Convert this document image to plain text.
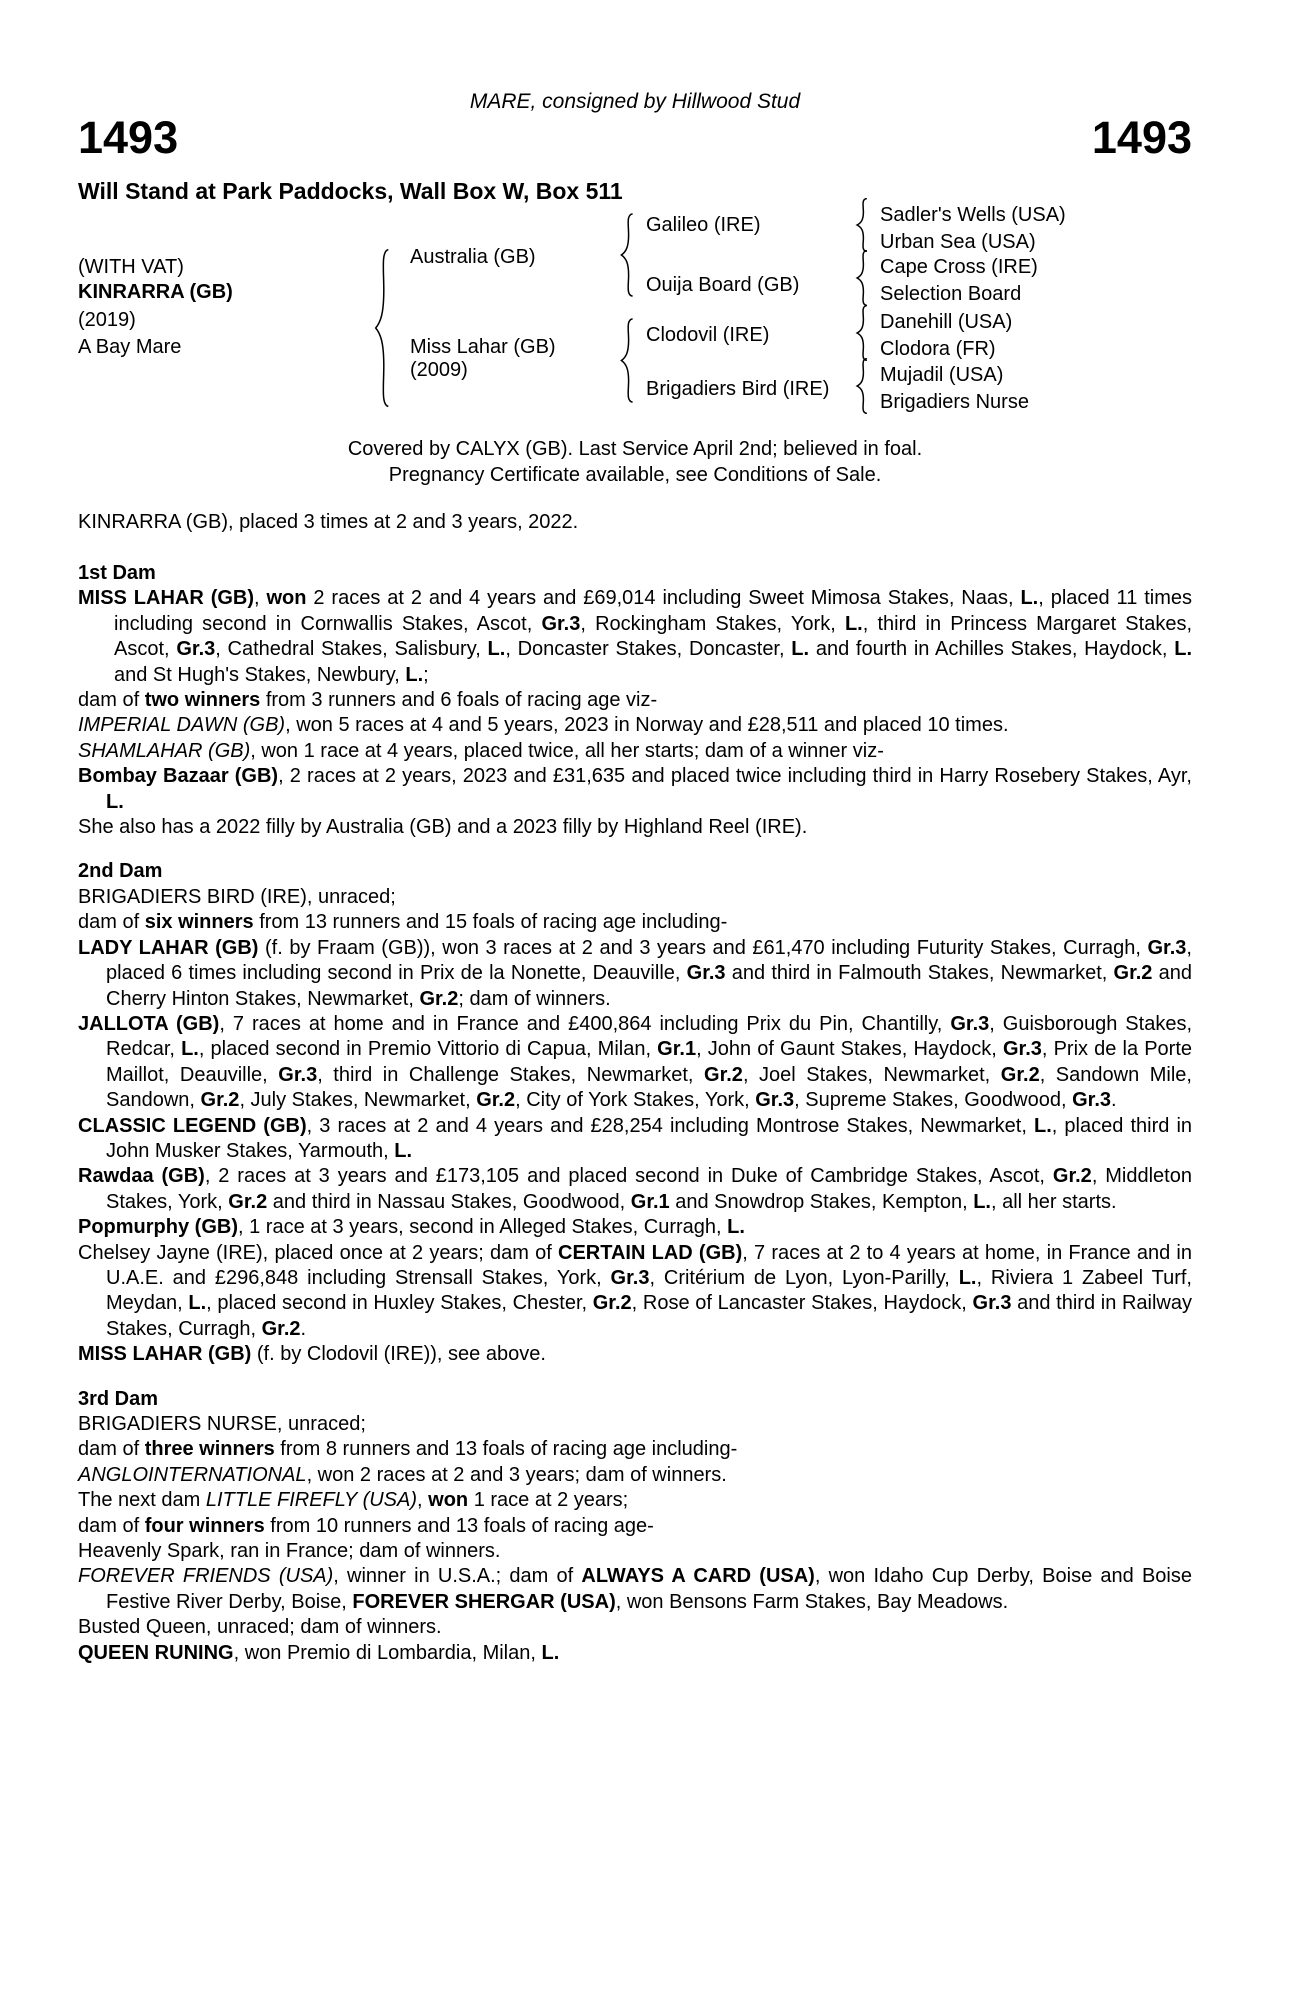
MARE, consigned by Hillwood Stud
1493	1493
Will Stand at Park Paddocks, Wall Box W, Box 511
(WITH VAT)
KINRARRA (GB)
(2019)
A Bay Mare
Australia (GB)
Miss Lahar (GB)
(2009)
Galileo (IRE)
Ouija Board (GB)
Clodovil (IRE)
Brigadiers Bird (IRE)
Sadler's Wells (USA)
Urban Sea (USA)
Cape Cross (IRE)
Selection Board
Danehill (USA)
Clodora (FR)
Mujadil (USA)
Brigadiers Nurse
Covered by CALYX (GB). Last Service April 2nd; believed in foal.
Pregnancy Certificate available, see Conditions of Sale.
KINRARRA (GB), placed 3 times at 2 and 3 years, 2022.
1st Dam

MISS LAHAR (GB), won 2 races at 2 and 4 years and £69,014 including Sweet Mimosa Stakes, Naas, L., placed 11 times including second in Cornwallis Stakes, Ascot, Gr.3, Rockingham Stakes, York, L., third in Princess Margaret Stakes, Ascot, Gr.3, Cathedral Stakes, Salisbury, L., Doncaster Stakes, Doncaster, L. and fourth in Achilles Stakes, Haydock, L. and St Hugh's Stakes, Newbury, L.;

dam of two winners from 3 runners and 6 foals of racing age viz-

IMPERIAL DAWN (GB), won 5 races at 4 and 5 years, 2023 in Norway and £28,511 and placed 10 times.

SHAMLAHAR (GB), won 1 race at 4 years, placed twice, all her starts; dam of a winner viz-

Bombay Bazaar (GB), 2 races at 2 years, 2023 and £31,635 and placed twice including third in Harry Rosebery Stakes, Ayr, L.

She also has a 2022 filly by Australia (GB) and a 2023 filly by Highland Reel (IRE).

2nd Dam

BRIGADIERS BIRD (IRE), unraced;

dam of six winners from 13 runners and 15 foals of racing age including-

LADY LAHAR (GB) (f. by Fraam (GB)), won 3 races at 2 and 3 years and £61,470 including Futurity Stakes, Curragh, Gr.3, placed 6 times including second in Prix de la Nonette, Deauville, Gr.3 and third in Falmouth Stakes, Newmarket, Gr.2 and Cherry Hinton Stakes, Newmarket, Gr.2; dam of winners.

JALLOTA (GB), 7 races at home and in France and £400,864 including Prix du Pin, Chantilly, Gr.3, Guisborough Stakes, Redcar, L., placed second in Premio Vittorio di Capua, Milan, Gr.1, John of Gaunt Stakes, Haydock, Gr.3, Prix de la Porte Maillot, Deauville, Gr.3, third in Challenge Stakes, Newmarket, Gr.2, Joel Stakes, Newmarket, Gr.2, Sandown Mile, Sandown, Gr.2, July Stakes, Newmarket, Gr.2, City of York Stakes, York, Gr.3, Supreme Stakes, Goodwood, Gr.3.

CLASSIC LEGEND (GB), 3 races at 2 and 4 years and £28,254 including Montrose Stakes, Newmarket, L., placed third in John Musker Stakes, Yarmouth, L.

Rawdaa (GB), 2 races at 3 years and £173,105 and placed second in Duke of Cambridge Stakes, Ascot, Gr.2, Middleton Stakes, York, Gr.2 and third in Nassau Stakes, Goodwood, Gr.1 and Snowdrop Stakes, Kempton, L., all her starts.

Popmurphy (GB), 1 race at 3 years, second in Alleged Stakes, Curragh, L.

Chelsey Jayne (IRE), placed once at 2 years; dam of CERTAIN LAD (GB), 7 races at 2 to 4 years at home, in France and in U.A.E. and £296,848 including Strensall Stakes, York, Gr.3, Critérium de Lyon, Lyon-Parilly, L., Riviera 1 Zabeel Turf, Meydan, L., placed second in Huxley Stakes, Chester, Gr.2, Rose of Lancaster Stakes, Haydock, Gr.3 and third in Railway Stakes, Curragh, Gr.2.

MISS LAHAR (GB) (f. by Clodovil (IRE)), see above.

3rd Dam

BRIGADIERS NURSE, unraced;

dam of three winners from 8 runners and 13 foals of racing age including-

ANGLOINTERNATIONAL, won 2 races at 2 and 3 years; dam of winners.

The next dam LITTLE FIREFLY (USA), won 1 race at 2 years;

dam of four winners from 10 runners and 13 foals of racing age-

Heavenly Spark, ran in France; dam of winners.

FOREVER FRIENDS (USA), winner in U.S.A.; dam of ALWAYS A CARD (USA), won Idaho Cup Derby, Boise and Boise Festive River Derby, Boise, FOREVER SHERGAR (USA), won Bensons Farm Stakes, Bay Meadows.

Busted Queen, unraced; dam of winners.

QUEEN RUNING, won Premio di Lombardia, Milan, L.
